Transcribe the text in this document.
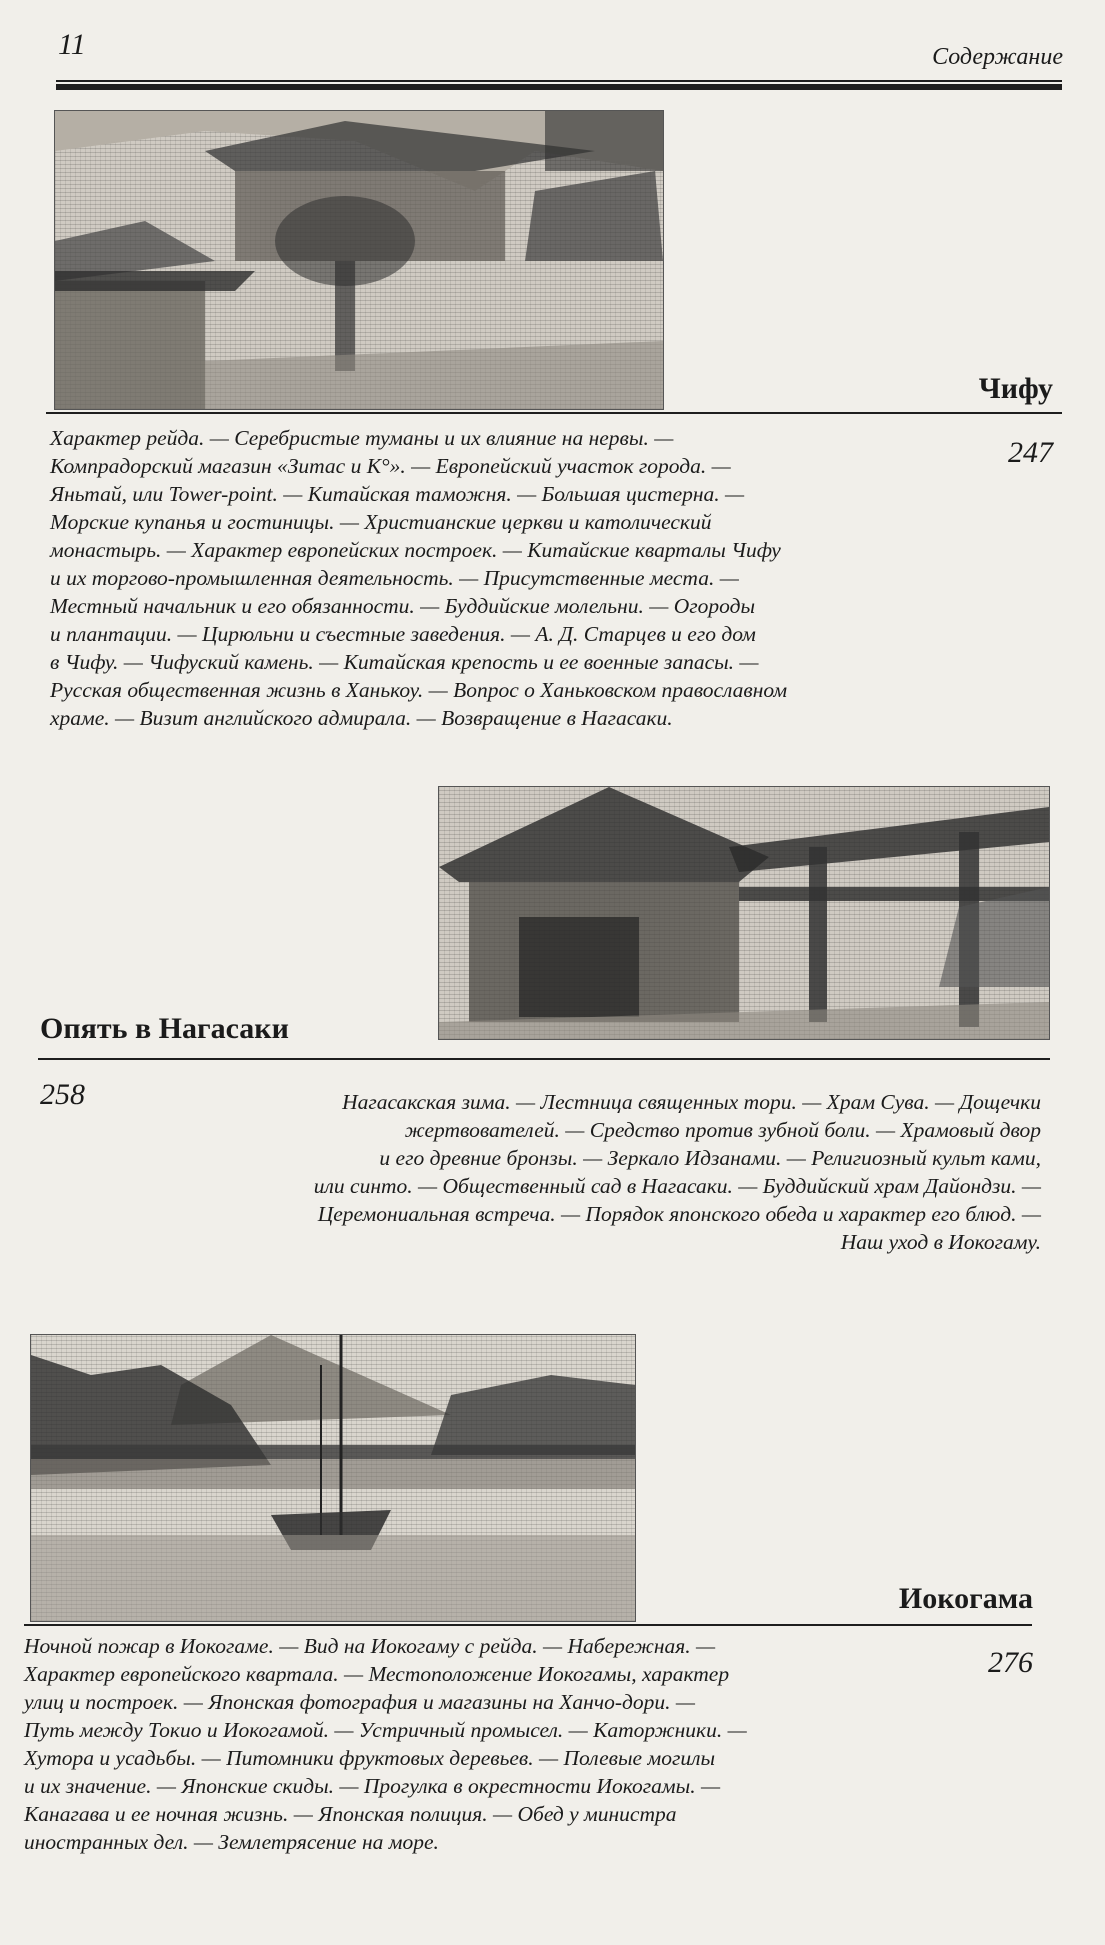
11	Содержание
Чифу
247
Характер рейда. — Серебристые туманы и их влияние на нервы. —
Компрадорский магазин «Зитас и К°». — Европейский участок города. —
Яньтай, или Tower-point. — Китайская таможня. — Большая цистерна. —
Морские купанья и гостиницы. — Христианские церкви и католический
монастырь. — Характер европейских построек. — Китайские кварталы Чифу
и их торгово-промышленная деятельность. — Присутственные места. —
Местный начальник и его обязанности. — Буддийские молельни. — Огороды
и плантации. — Цирюльни и съестные заведения. — А. Д. Старцев и его дом
в Чифу. — Чифуский камень. — Китайская крепость и ее военные запасы. —
Русская общественная жизнь в Ханькоу. — Вопрос о Ханьковском православном
храме. — Визит английского адмирала. — Возвращение в Нагасаки.
Опять в Нагасаки
258	Нагасакская зима. — Лестница священных тори. — Храм Сува. — Дощечки
жертвователей. — Средство против зубной боли. — Храмовый двор
и его древние бронзы. — Зеркало Идзанами. — Религиозный культ ками,
или синто. — Общественный сад в Нагасаки. — Буддийский храм Дайондзи. —
Церемониальная встреча. — Порядок японского обеда и характер его блюд. —
Наш уход в Иокогаму.
Иокогама
276
Ночной пожар в Иокогаме. — Вид на Иокогаму с рейда. — Набережная. —
Характер европейского квартала. — Местоположение Иокогамы, характер
улиц и построек. — Японская фотография и магазины на Ханчо-дори. —
Путь между Токио и Иокогамой. — Устричный промысел. — Каторжники. —
Хутора и усадьбы. — Питомники фруктовых деревьев. — Полевые могилы
и их значение. — Японские скиды. — Прогулка в окрестности Иокогамы. —
Канагава и ее ночная жизнь. — Японская полиция. — Обед у министра
иностранных дел. — Землетрясение на море.
